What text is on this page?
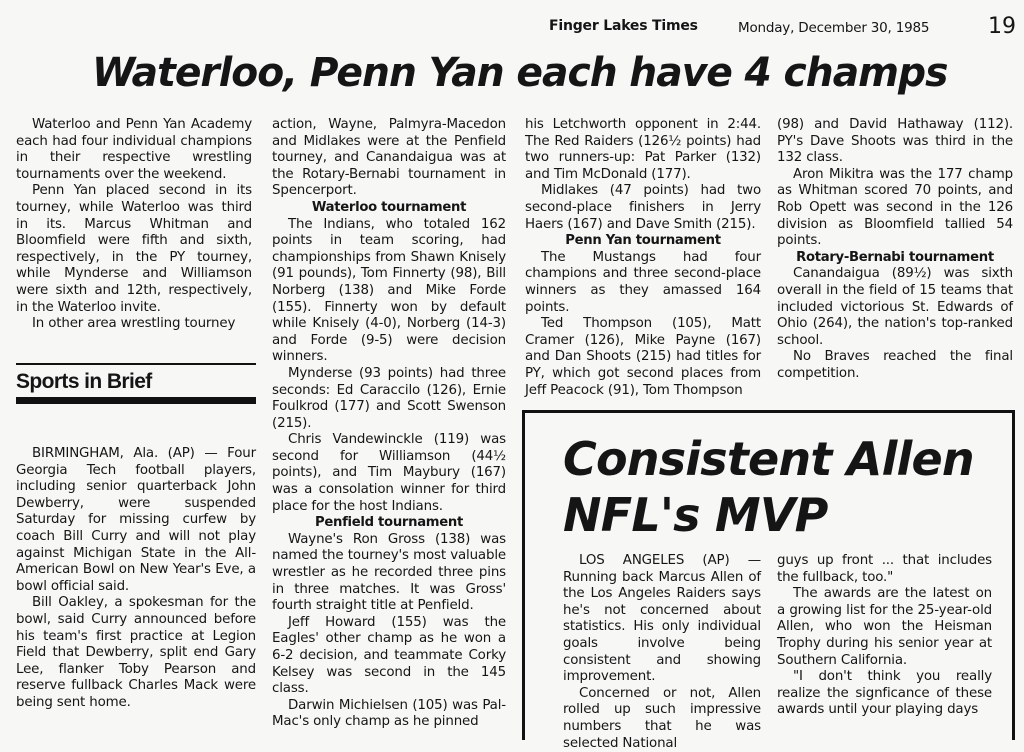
Finger Lakes Times	Monday, December 30, 1985	19
Waterloo, Penn Yan each have 4 champs

Waterloo and Penn Yan Academy each had four individual champions in their respective wrestling tournaments over the weekend.

Penn Yan placed second in its tourney, while Waterloo was third in its. Marcus Whitman and Bloomfield were fifth and sixth, respectively, in the PY tourney, while Mynderse and Williamson were sixth and 12th, respectively, in the Waterloo invite.

In other area wrestling tourney

action, Wayne, Palmyra-Macedon and Midlakes were at the Penfield tourney, and Canandaigua was at the Rotary-Bernabi tournament in Spencerport.

Waterloo tournament

The Indians, who totaled 162 points in team scoring, had championships from Shawn Knisely (91 pounds), Tom Finnerty (98), Bill Norberg (138) and Mike Forde (155). Finnerty won by default while Knisely (4-0), Norberg (14-3) and Forde (9-5) were decision winners.

Mynderse (93 points) had three seconds: Ed Caraccilo (126), Ernie Foulkrod (177) and Scott Swenson (215).

Chris Vandewinckle (119) was second for Williamson (44½ points), and Tim Maybury (167) was a consolation winner for third place for the host Indians.

Penfield tournament

Wayne's Ron Gross (138) was named the tourney's most valuable wrestler as he recorded three pins in three matches. It was Gross' fourth straight title at Penfield.

Jeff Howard (155) was the Eagles' other champ as he won a 6-2 decision, and teammate Corky Kelsey was second in the 145 class.

Darwin Michielsen (105) was Pal-Mac's only champ as he pinned

his Letchworth opponent in 2:44. The Red Raiders (126½ points) had two runners-up: Pat Parker (132) and Tim McDonald (177).

Midlakes (47 points) had two second-place finishers in Jerry Haers (167) and Dave Smith (215).

Penn Yan tournament

The Mustangs had four champions and three second-place winners as they amassed 164 points.

Ted Thompson (105), Matt Cramer (126), Mike Payne (167) and Dan Shoots (215) had titles for PY, which got second places from Jeff Peacock (91), Tom Thompson

(98) and David Hathaway (112). PY's Dave Shoots was third in the 132 class.

Aron Mikitra was the 177 champ as Whitman scored 70 points, and Rob Opett was second in the 126 division as Bloomfield tallied 54 points.

Rotary-Bernabi tournament

Canandaigua (89½) was sixth overall in the field of 15 teams that included victorious St. Edwards of Ohio (264), the nation's top-ranked school.

No Braves reached the final competition.

Sports in Brief

BIRMINGHAM, Ala. (AP) — Four Georgia Tech football players, including senior quarterback John Dewberry, were suspended Saturday for missing curfew by coach Bill Curry and will not play against Michigan State in the All-American Bowl on New Year's Eve, a bowl official said.

Bill Oakley, a spokesman for the bowl, said Curry announced before his team's first practice at Legion Field that Dewberry, split end Gary Lee, flanker Toby Pearson and reserve fullback Charles Mack were being sent home.

Consistent Allen
NFL's MVP

LOS ANGELES (AP) — Running back Marcus Allen of the Los Angeles Raiders says he's not concerned about statistics. His only individual goals involve being consistent and showing improvement.

Concerned or not, Allen rolled up such impressive numbers that he was selected National

guys up front ... that includes the fullback, too."

The awards are the latest on a growing list for the 25-year-old Allen, who won the Heisman Trophy during his senior year at Southern California.

"I don't think you really realize the signficance of these awards until your playing days
